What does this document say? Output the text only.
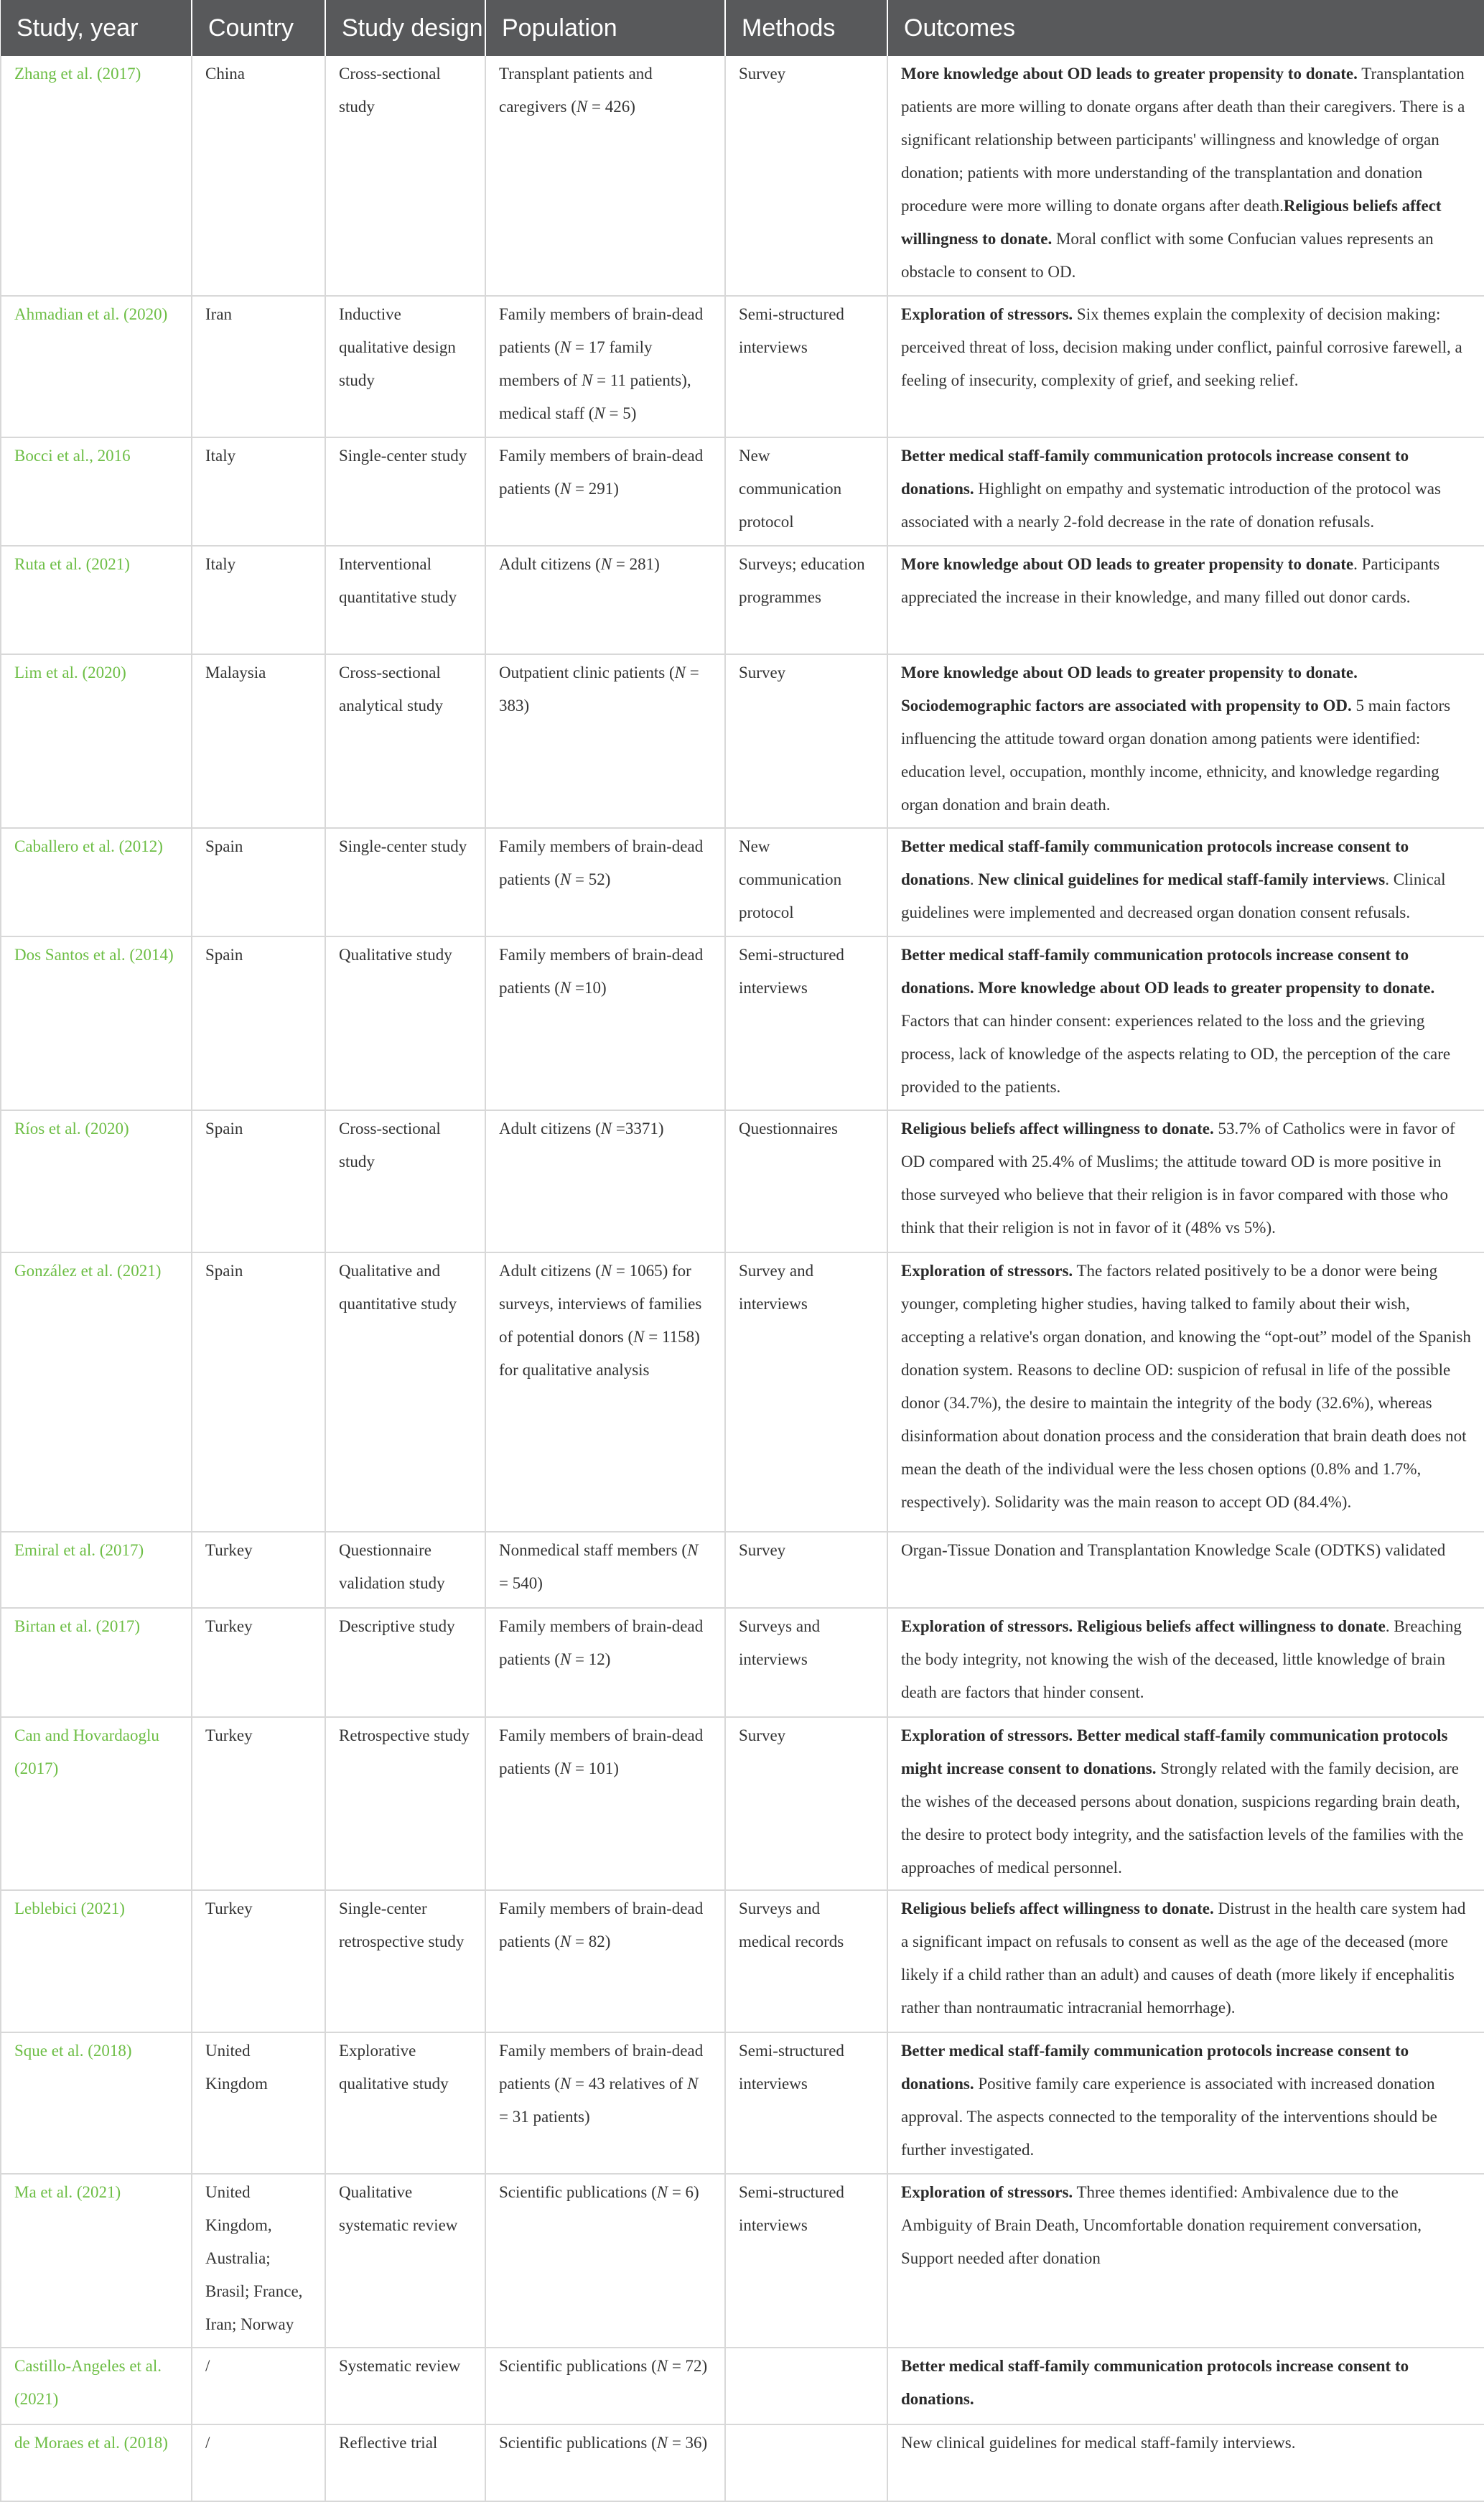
Study, year	Country	Study design	Population	Methods	Outcomes
Zhang et al. (2017)	China	Cross-sectional study	Transplant patients and caregivers (N = 426)	Survey	More knowledge about OD leads to greater propensity to donate. Transplantation patients are more willing to donate organs after death than their caregivers. There is a significant relationship between participants' willingness and knowledge of organ donation; patients with more understanding of the transplantation and donation procedure were more willing to donate organs after death.Religious beliefs affect willingness to donate. Moral conflict with some Confucian values represents an obstacle to consent to OD.
Ahmadian et al. (2020)	Iran	Inductive qualitative design study	Family members of brain-dead patients (N = 17 family members of N = 11 patients), medical staff (N = 5)	Semi-structured interviews	Exploration of stressors. Six themes explain the complexity of decision making: perceived threat of loss, decision making under conflict, painful corrosive farewell, a feeling of insecurity, complexity of grief, and seeking relief.
Bocci et al., 2016	Italy	Single-center study	Family members of brain-dead patients (N = 291)	New communication protocol	Better medical staff-family communication protocols increase consent to donations. Highlight on empathy and systematic introduction of the protocol was associated with a nearly 2-fold decrease in the rate of donation refusals.
Ruta et al. (2021)	Italy	Interventional quantitative study	Adult citizens (N = 281)	Surveys; education programmes	More knowledge about OD leads to greater propensity to donate. Participants appreciated the increase in their knowledge, and many filled out donor cards.
Lim et al. (2020)	Malaysia	Cross-sectional analytical study	Outpatient clinic patients (N = 383)	Survey	More knowledge about OD leads to greater propensity to donate. Sociodemographic factors are associated with propensity to OD. 5 main factors influencing the attitude toward organ donation among patients were identified: education level, occupation, monthly income, ethnicity, and knowledge regarding organ donation and brain death.
Caballero et al. (2012)	Spain	Single-center study	Family members of brain-dead patients (N = 52)	New communication protocol	Better medical staff-family communication protocols increase consent to donations. New clinical guidelines for medical staff-family interviews. Clinical guidelines were implemented and decreased organ donation consent refusals.
Dos Santos et al. (2014)	Spain	Qualitative study	Family members of brain-dead patients (N =10)	Semi-structured interviews	Better medical staff-family communication protocols increase consent to donations. More knowledge about OD leads to greater propensity to donate. Factors that can hinder consent: experiences related to the loss and the grieving process, lack of knowledge of the aspects relating to OD, the perception of the care provided to the patients.
Ríos et al. (2020)	Spain	Cross-sectional study	Adult citizens (N =3371)	Questionnaires	Religious beliefs affect willingness to donate. 53.7% of Catholics were in favor of OD compared with 25.4% of Muslims; the attitude toward OD is more positive in those surveyed who believe that their religion is in favor compared with those who think that their religion is not in favor of it (48% vs 5%).
González et al. (2021)	Spain	Qualitative and quantitative study	Adult citizens (N = 1065) for surveys, interviews of families of potential donors (N = 1158) for qualitative analysis	Survey and interviews	Exploration of stressors. The factors related positively to be a donor were being younger, completing higher studies, having talked to family about their wish, accepting a relative's organ donation, and knowing the “opt-out” model of the Spanish donation system. Reasons to decline OD: suspicion of refusal in life of the possible donor (34.7%), the desire to maintain the integrity of the body (32.6%), whereas disinformation about donation process and the consideration that brain death does not mean the death of the individual were the less chosen options (0.8% and 1.7%, respectively). Solidarity was the main reason to accept OD (84.4%).
Emiral et al. (2017)	Turkey	Questionnaire validation study	Nonmedical staff members (N = 540)	Survey	Organ-Tissue Donation and Transplantation Knowledge Scale (ODTKS) validated
Birtan et al. (2017)	Turkey	Descriptive study	Family members of brain-dead patients (N = 12)	Surveys and interviews	Exploration of stressors. Religious beliefs affect willingness to donate. Breaching the body integrity, not knowing the wish of the deceased, little knowledge of brain death are factors that hinder consent.
Can and Hovardaoglu (2017)	Turkey	Retrospective study	Family members of brain-dead patients (N = 101)	Survey	Exploration of stressors. Better medical staff-family communication protocols might increase consent to donations. Strongly related with the family decision, are the wishes of the deceased persons about donation, suspicions regarding brain death, the desire to protect body integrity, and the satisfaction levels of the families with the approaches of medical personnel.
Leblebici (2021)	Turkey	Single-center retrospective study	Family members of brain-dead patients (N = 82)	Surveys and medical records	Religious beliefs affect willingness to donate. Distrust in the health care system had a significant impact on refusals to consent as well as the age of the deceased (more likely if a child rather than an adult) and causes of death (more likely if encephalitis rather than nontraumatic intracranial hemorrhage).
Sque et al. (2018)	United Kingdom	Explorative qualitative study	Family members of brain-dead patients (N = 43 relatives of N = 31 patients)	Semi-structured interviews	Better medical staff-family communication protocols increase consent to donations. Positive family care experience is associated with increased donation approval. The aspects connected to the temporality of the interventions should be further investigated.
Ma et al. (2021)	United Kingdom, Australia; Brasil; France, Iran; Norway	Qualitative systematic review	Scientific publications (N = 6)	Semi-structured interviews	Exploration of stressors. Three themes identified: Ambivalence due to the Ambiguity of Brain Death, Uncomfortable donation requirement conversation, Support needed after donation
Castillo-Angeles et al. (2021)	/	Systematic review	Scientific publications (N = 72)		Better medical staff-family communication protocols increase consent to donations.
de Moraes et al. (2018)	/	Reflective trial	Scientific publications (N = 36)		New clinical guidelines for medical staff-family interviews.
